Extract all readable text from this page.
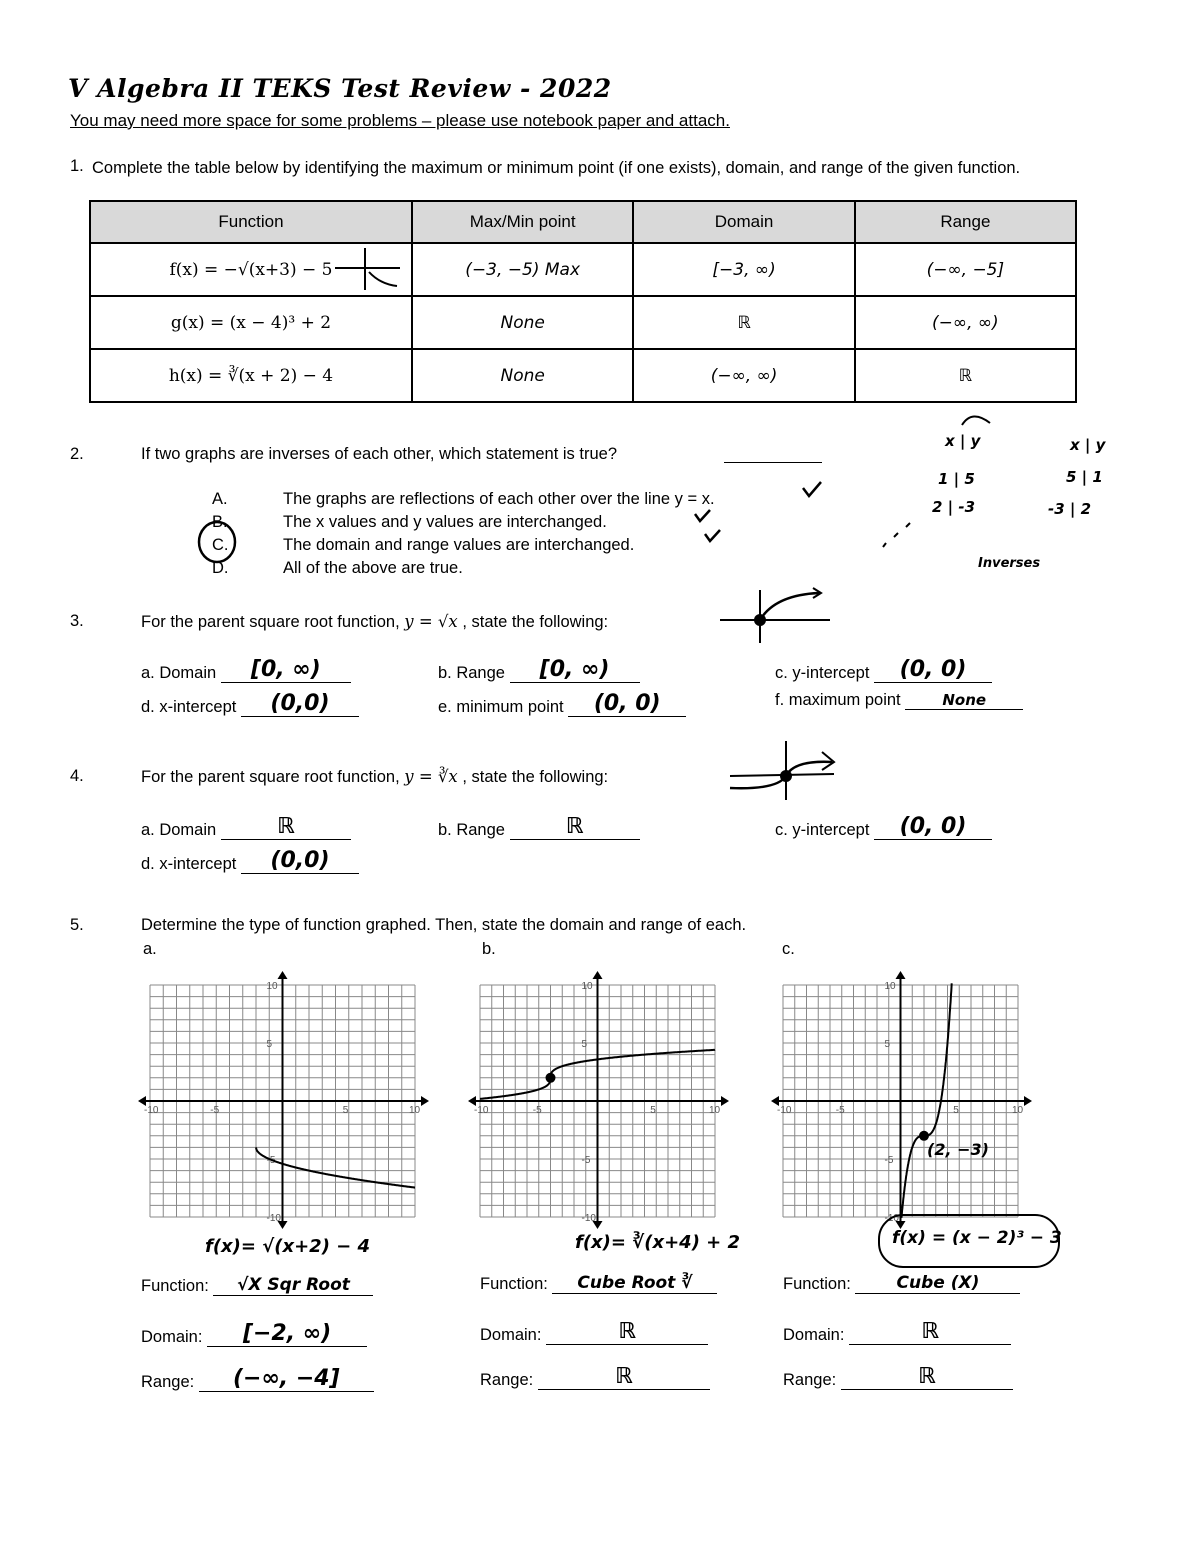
V Algebra II TEKS Test Review - 2022
You may need more space for some problems – please use notebook paper and attach.
1. Complete the table below by identifying the maximum or minimum point (if one exists), domain, and range of the given function.
Function	Max/Min point	Domain	Range
f(x) = −√(x+3) − 5	(−3, −5) Max	[−3, ∞)	(−∞, −5]
g(x) = (x − 4)³ + 2	None	ℝ	(−∞, ∞)
h(x) = ∛(x + 2) − 4	None	(−∞, ∞)	ℝ
2.	If two graphs are inverses of each other, which statement is true?
A.	The graphs are reflections of each other over the line y = x.
B.	The x values and y values are interchanged.
C.	The domain and range values are interchanged.
D.	All of the above are true.
x | y
1 | 5
2 | -3
x | y
5 | 1
-3 | 2
Inverses
3.	For the parent square root function, y = √x , state the following:
a. Domain [0, ∞)	b. Range [0, ∞)	c. y-intercept (0, 0)
d. x-intercept (0,0)	e. minimum point (0, 0)	f. maximum point	None
4.	For the parent square root function, y = ∛x , state the following:
a. Domain	ℝ	b. Range	ℝ	c. y-intercept (0, 0)
d. x-intercept (0,0)
5.	Determine the type of function graphed. Then, state the domain and range of each.
a.	b.	c.
-10
-10
-5
-5
5
5
10
10
-10
-10
-5
-5
5
5
10
10
-10
-10
-5
-5
5
5
10
10
f(x)= √(x+2) − 4	f(x)= ∛(x+4) + 2
(2, −3)
f(x) = (x − 2)³ − 3
Function: √X Sqr Root
Domain: [−2, ∞)
Range: (−∞, −4]
Function: Cube Root ∛
Domain:	ℝ
Range:	ℝ
Function:	Cube (X)
Domain:	ℝ
Range:	ℝ
